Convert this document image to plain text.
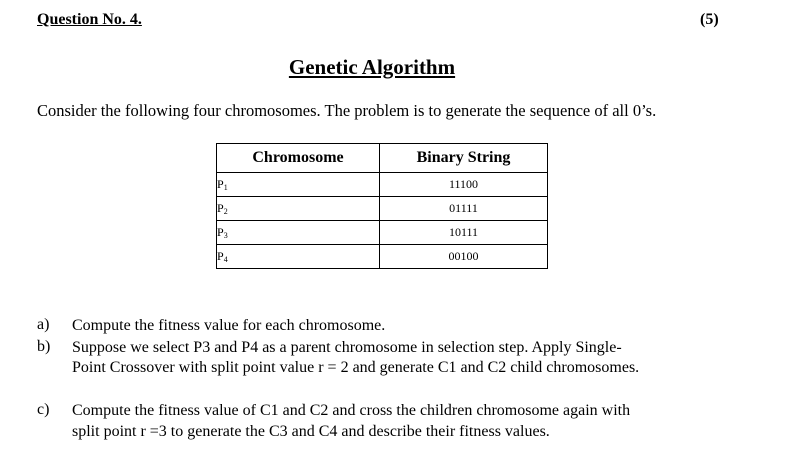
Question No. 4.	(5)
Genetic Algorithm
Consider the following four chromosomes. The problem is to generate the sequence of all 0’s.
Chromosome	Binary String
$P_1$	11100
$P_2$	01111
$P_3$	10111
$P_4$	00100
a) Compute the fitness value for each chromosome.
b) Suppose we select P3 and P4 as a parent chromosome in selection step. Apply Single-
Point Crossover with split point value r = 2 and generate C1 and C2 child chromosomes.
c) Compute the fitness value of C1 and C2 and cross the children chromosome again with
split point r =3 to generate the C3 and C4 and describe their fitness values.
